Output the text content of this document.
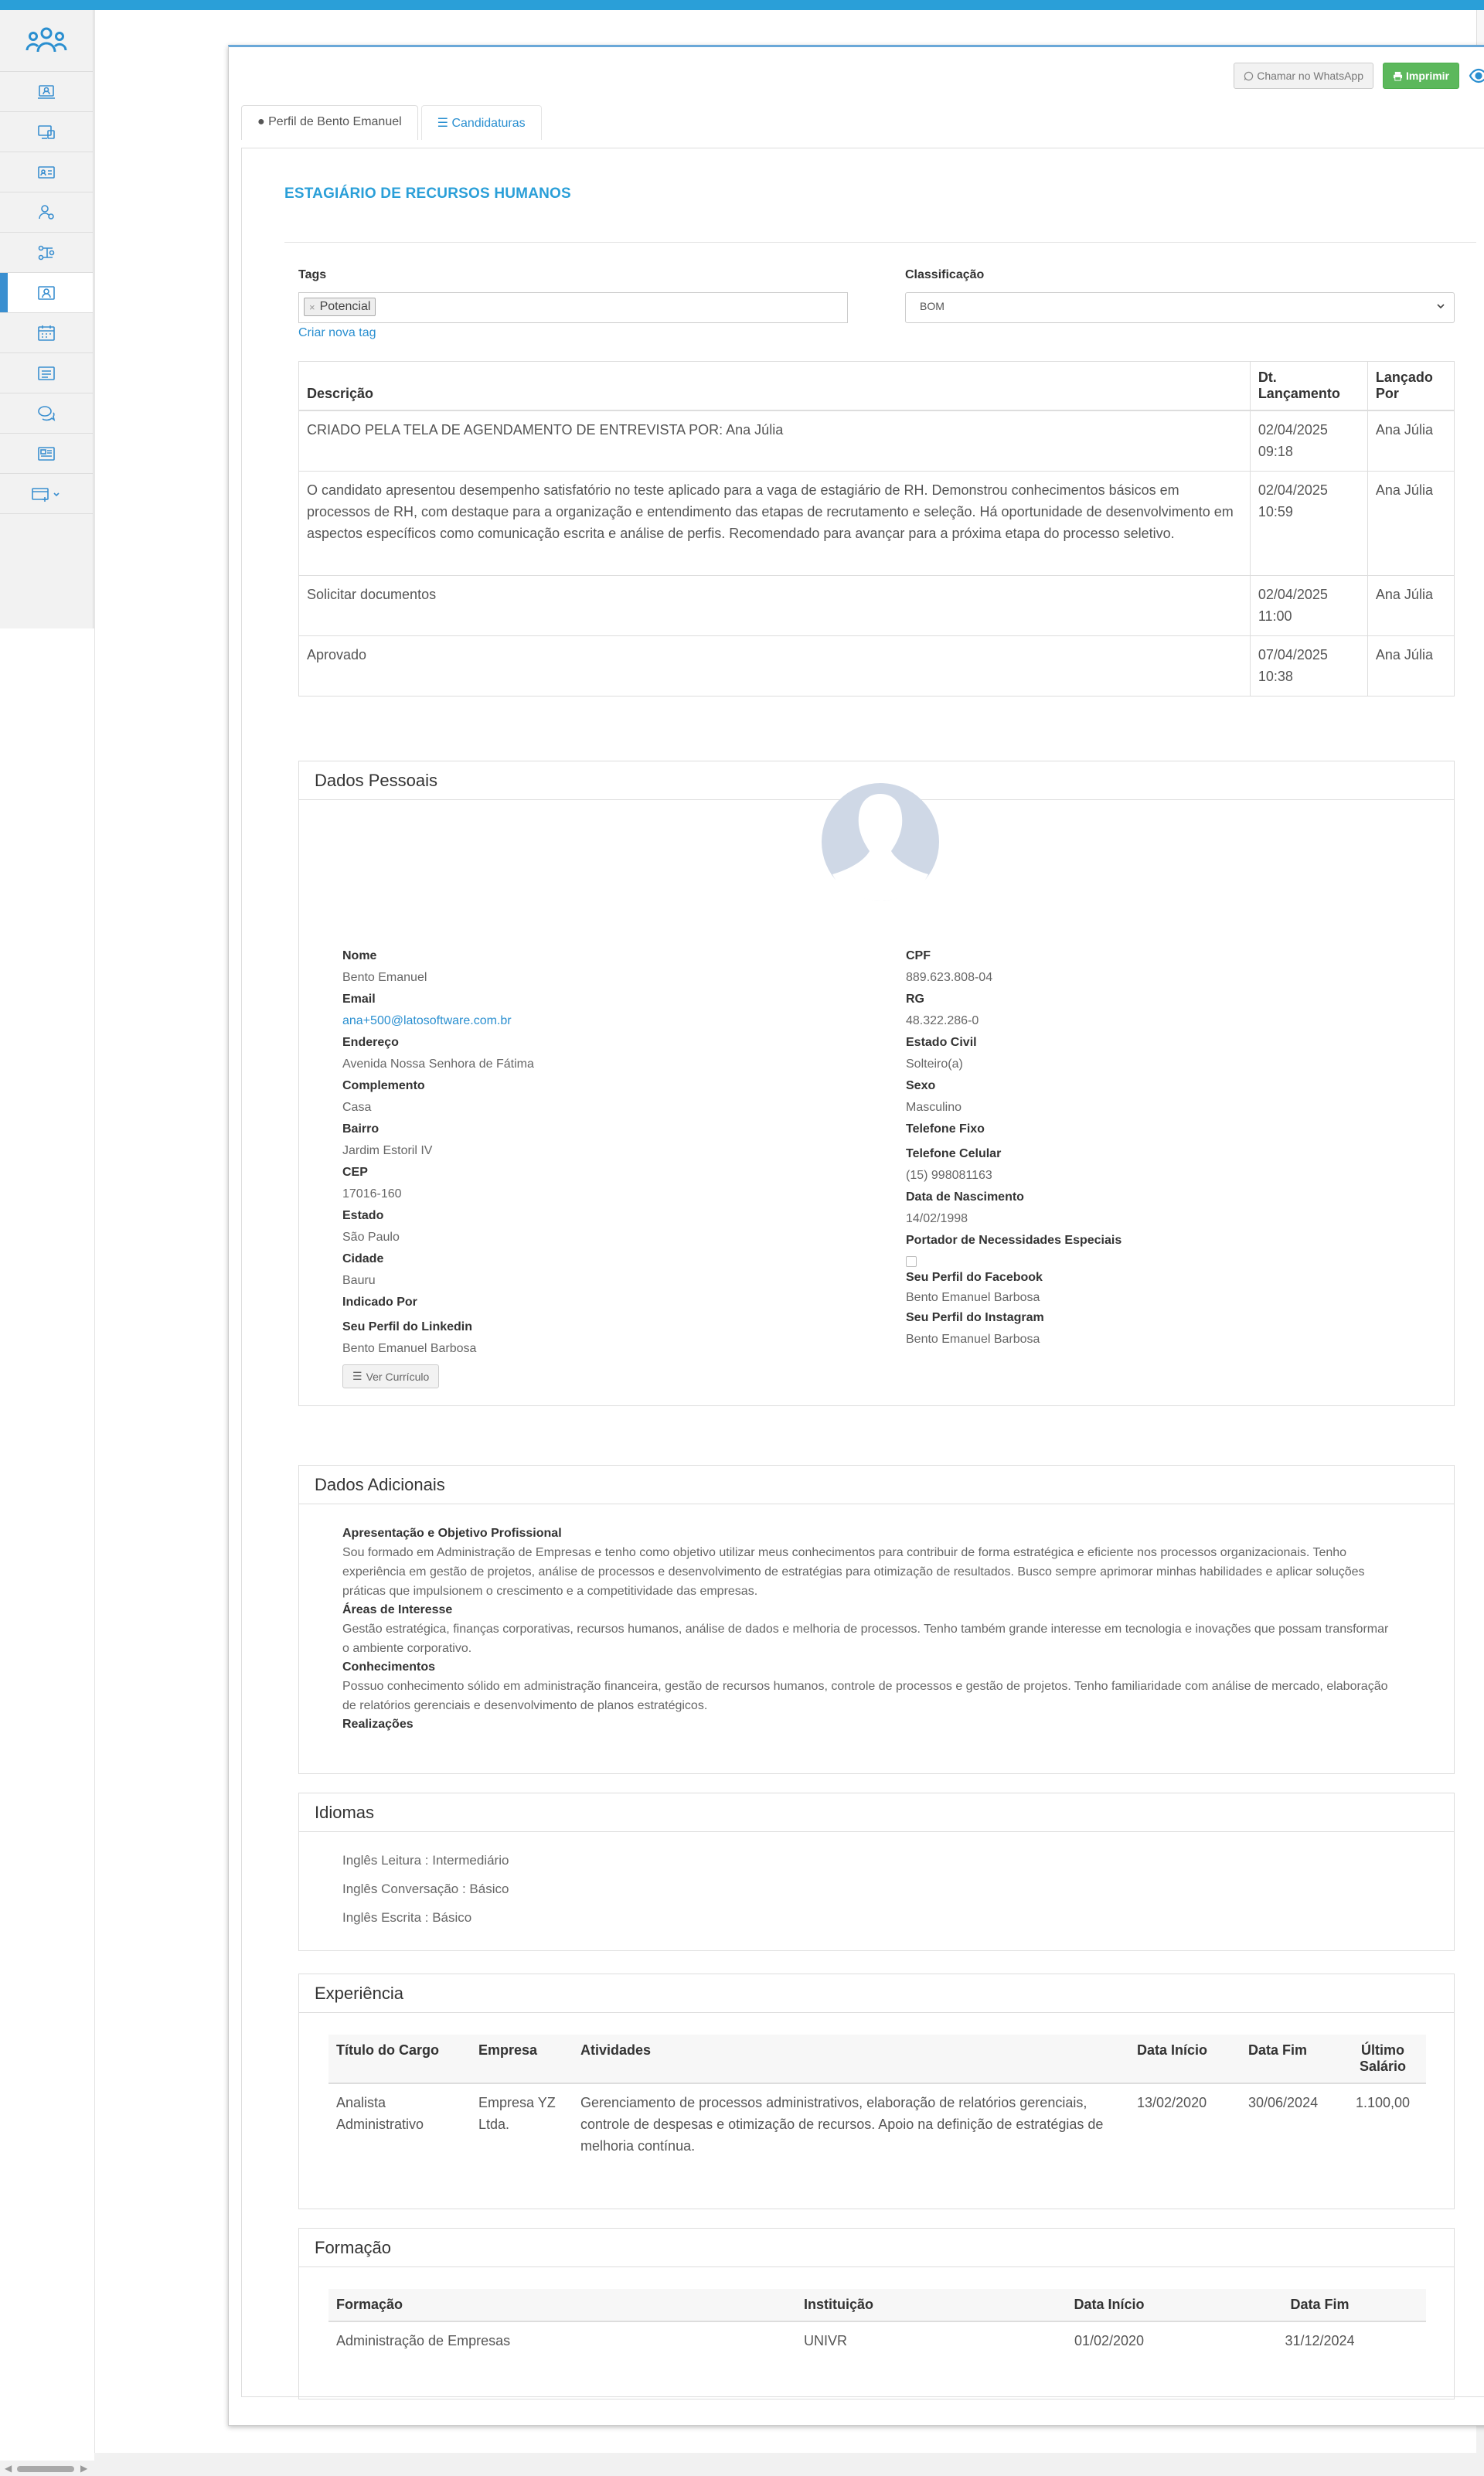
◀	▶
Chamar no WhatsApp	Imprimir
● Perfil de Bento Emanuel	☰ Candidaturas
ESTAGIÁRIO DE RECURSOS HUMANOS
Tags
× Potencial
Criar nova tag
Classificação
BOM
Descrição	Dt. Lançamento	Lançado Por
CRIADO PELA TELA DE AGENDAMENTO DE ENTREVISTA POR: Ana Júlia	02/04/2025 09:18	Ana Júlia
O candidato apresentou desempenho satisfatório no teste aplicado para a vaga de estagiário de RH. Demonstrou conhecimentos básicos em processos de RH, com destaque para a organização e entendimento das etapas de recrutamento e seleção. Há oportunidade de desenvolvimento em aspectos específicos como comunicação escrita e análise de perfis. Recomendado para avançar para a próxima etapa do processo seletivo.	02/04/2025 10:59	Ana Júlia
Solicitar documentos	02/04/2025 11:00	Ana Júlia
Aprovado	07/04/2025 10:38	Ana Júlia
Dados Pessoais
Nome
Bento Emanuel
Email
ana+500@latosoftware.com.br
Endereço
Avenida Nossa Senhora de Fátima
Complemento
Casa
Bairro
Jardim Estoril IV
CEP
17016-160
Estado
São Paulo
Cidade
Bauru
Indicado Por
Seu Perfil do Linkedin
Bento Emanuel Barbosa
☰ Ver Currículo
CPF
889.623.808-04
RG
48.322.286-0
Estado Civil
Solteiro(a)
Sexo
Masculino
Telefone Fixo
Telefone Celular
(15) 998081163
Data de Nascimento
14/02/1998
Portador de Necessidades Especiais
Seu Perfil do Facebook
Bento Emanuel Barbosa
Seu Perfil do Instagram
Bento Emanuel Barbosa
Dados Adicionais
Apresentação e Objetivo Profissional
Sou formado em Administração de Empresas e tenho como objetivo utilizar meus conhecimentos para contribuir de forma estratégica e eficiente nos processos organizacionais. Tenho experiência em gestão de projetos, análise de processos e desenvolvimento de estratégias para otimização de resultados. Busco sempre aprimorar minhas habilidades e aplicar soluções práticas que impulsionem o crescimento e a competitividade das empresas.
Áreas de Interesse
Gestão estratégica, finanças corporativas, recursos humanos, análise de dados e melhoria de processos. Tenho também grande interesse em tecnologia e inovações que possam transformar o ambiente corporativo.
Conhecimentos
Possuo conhecimento sólido em administração financeira, gestão de recursos humanos, controle de processos e gestão de projetos. Tenho familiaridade com análise de mercado, elaboração de relatórios gerenciais e desenvolvimento de planos estratégicos.
Realizações
Idiomas
Inglês Leitura : Intermediário
Inglês Conversação : Básico
Inglês Escrita : Básico
Experiência
Título do Cargo	Empresa	Atividades	Data Início	Data Fim	Último Salário
Analista Administrativo	Empresa YZ Ltda.	Gerenciamento de processos administrativos, elaboração de relatórios gerenciais, controle de despesas e otimização de recursos. Apoio na definição de estratégias de melhoria contínua.	13/02/2020	30/06/2024	1.100,00
Formação
Formação	Instituição	Data Início	Data Fim
Administração de Empresas	UNIVR	01/02/2020	31/12/2024
